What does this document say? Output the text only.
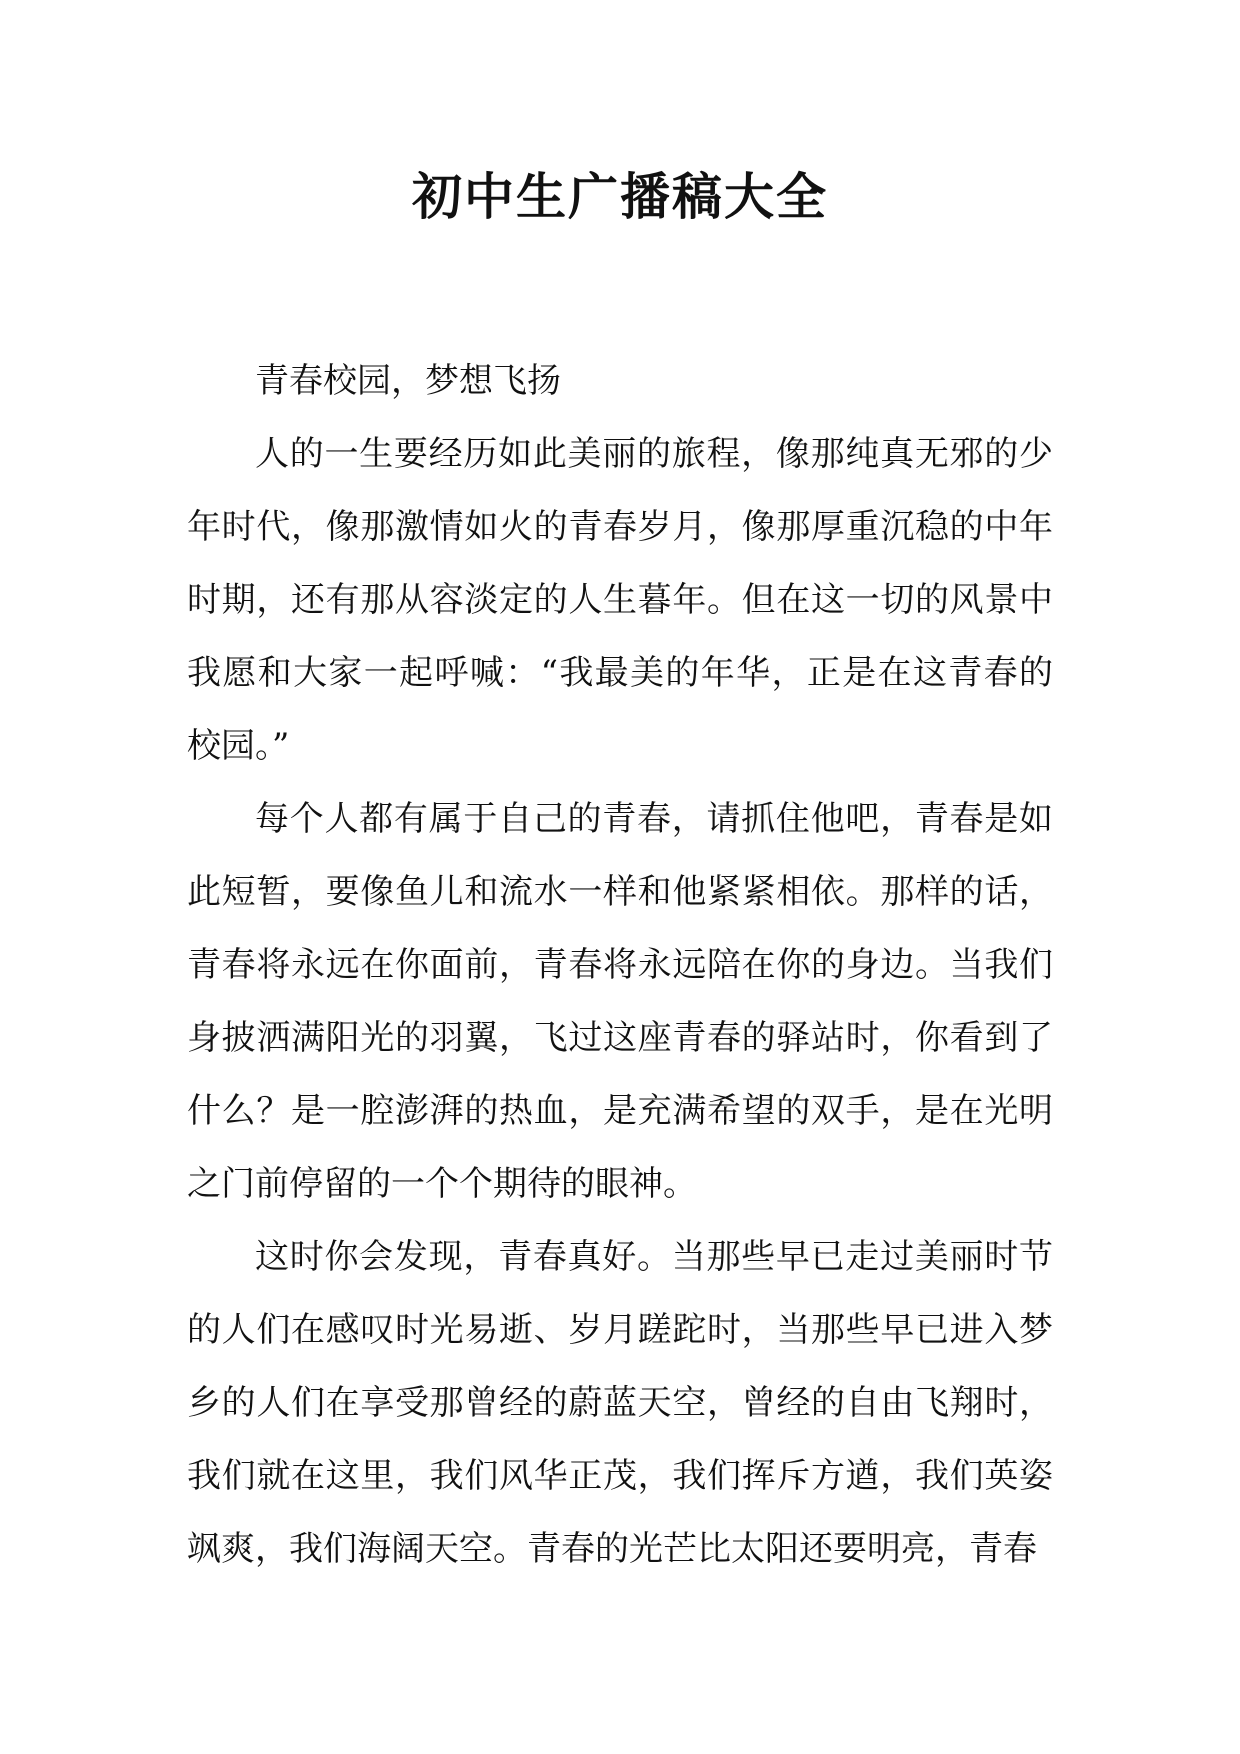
初中生广播稿大全

青春校园，梦想飞扬

人的一生要经历如此美丽的旅程，像那纯真无邪的少年时代，像那激情如火的青春岁月，像那厚重沉稳的中年时期，还有那从容淡定的人生暮年。但在这一切的风景中我愿和大家一起呼喊：“我最美的年华，正是在这青春的校园。”

每个人都有属于自己的青春，请抓住他吧，青春是如此短暂，要像鱼儿和流水一样和他紧紧相依。那样的话，青春将永远在你面前，青春将永远陪在你的身边。当我们身披洒满阳光的羽翼，飞过这座青春的驿站时，你看到了什么？是一腔澎湃的热血，是充满希望的双手，是在光明之门前停留的一个个期待的眼神。

这时你会发现，青春真好。当那些早已走过美丽时节的人们在感叹时光易逝、岁月蹉跎时，当那些早已进入梦乡的人们在享受那曾经的蔚蓝天空，曾经的自由飞翔时，我们就在这里，我们风华正茂，我们挥斥方遒，我们英姿飒爽，我们海阔天空。青春的光芒比太阳还要明亮，青春
